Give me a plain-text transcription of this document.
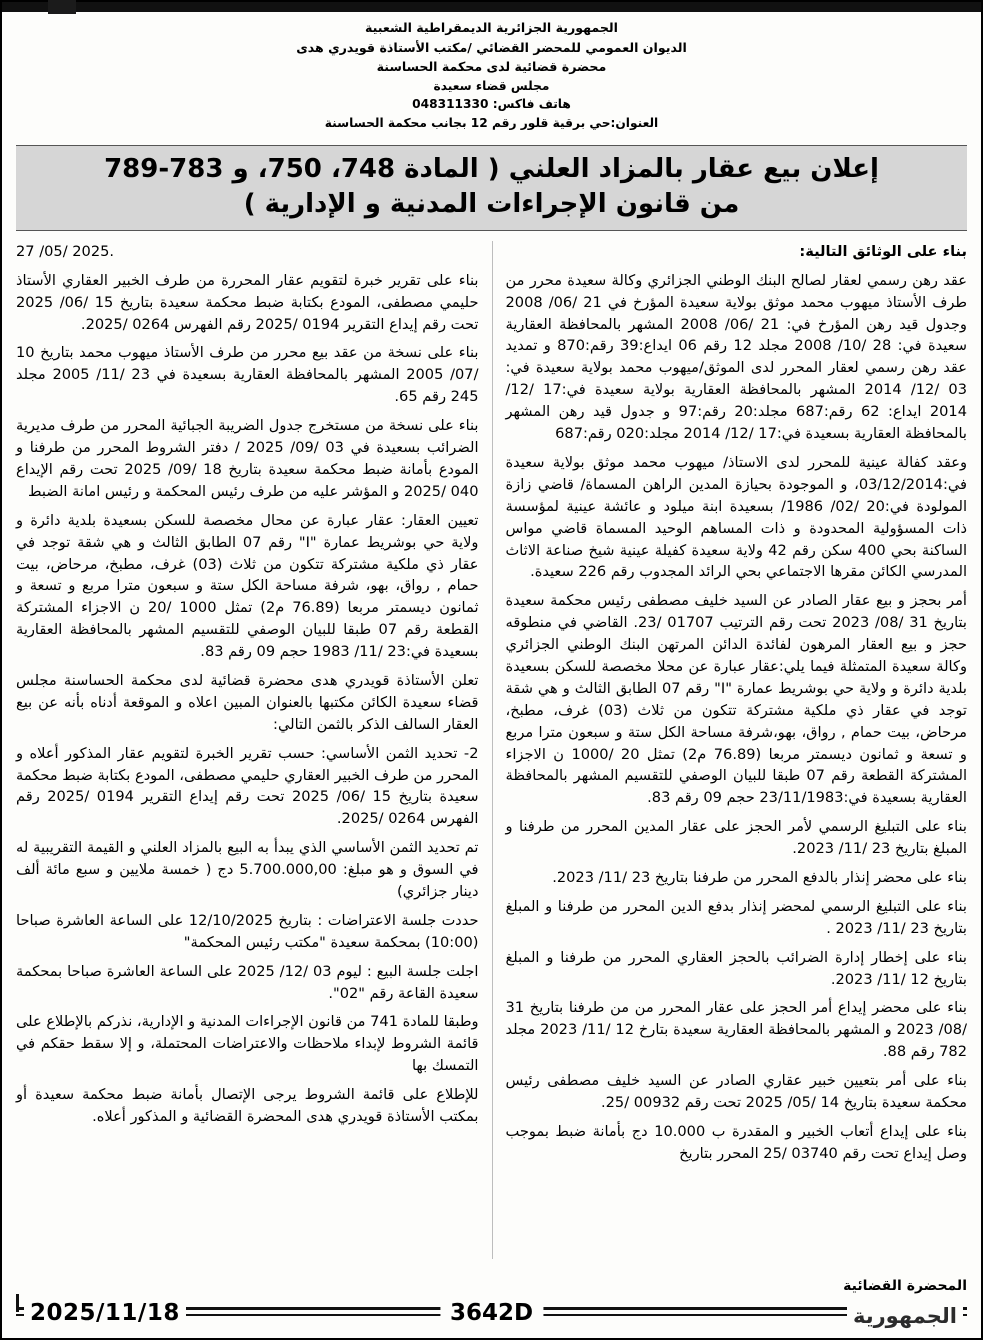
الجمهورية الجزائرية الديمقراطية الشعبية
الديوان العمومي للمحضر القضائي /مكتب الأستاذة قويدري هدى
محضرة قضائية لدى محكمة الحساسنة
مجلس قضاء سعيدة
هاتف فاكس: 048311330
العنوان:حي برقية قلور رقم 12 بجانب محكمة الحساسنة
إعلان بيع عقار بالمزاد العلني ( المادة 748، 750، و 783-789
من قانون الإجراءات المدنية و الإدارية )

بناء على الوثائق التالية:

عقد رهن رسمي لعقار لصالح البنك الوطني الجزائري وكالة سعيدة محرر من طرف الأستاذ ميهوب محمد موثق بولاية سعيدة المؤرخ في 21 /06/ 2008 وجدول قيد رهن المؤرخ في: 21 /06/ 2008 المشهر بالمحافظة العقارية سعيدة في: 28 /10/ 2008 مجلد 12 رقم 06 ايداع:39 رقم:870 و تمديد عقد رهن رسمي لعقار المحرر لدى الموثق/ميهوب محمد بولاية سعيدة في: 03 /12/ 2014 المشهر بالمحافظة العقارية بولاية سعيدة في:17 /12/ 2014 ايداع: 62 رقم:687 مجلد:20 رقم:97 و جدول قيد رهن المشهر بالمحافظة العقارية بسعيدة في:17 /12/ 2014 مجلد:020 رقم:687

وعقد كفالة عينية للمحرر لدى الاستاذ/ ميهوب محمد موثق بولاية سعيدة في:03/12/2014، و الموجودة بحيازة المدين الراهن المسماة/ قاضي زازة المولودة في:20 /02/ 1986/ بسعيدة ابنة ميلود و عائشة عينية لمؤسسة ذات المسؤولية المحدودة و ذات المساهم الوحيد المسماة قاضي مواس الساكنة بحي 400 سكن رقم 42 ولاية سعيدة كفيلة عينية شيخ صناعة الاثاث المدرسي الكائن مقرها الاجتماعي بحي الرائد المجدوب رقم 226 سعيدة.

أمر بحجز و بيع عقار الصادر عن السيد خليف مصطفى رئيس محكمة سعيدة بتاريخ 31 /08/ 2023 تحت رقم الترتيب 01707 /23. القاضي في منطوقه حجز و بيع العقار المرهون لفائدة الدائن المرتهن البنك الوطني الجزائري وكالة سعيدة المتمثلة فيما يلي:عقار عبارة عن محلا مخصصة للسكن بسعيدة بلدية دائرة و ولاية حي بوشريط عمارة "I" رقم 07 الطابق الثالث و هي شقة توجد في عقار ذي ملكية مشتركة تتكون من ثلاث (03) غرف، مطبخ، مرحاض، بيت حمام , رواق، بهو،شرفة مساحة الكل ستة و سبعون مترا مربع و تسعة و ثمانون ديسمتر مربعا (76.89 م2) تمثل 20 /1000 ن الاجزاء المشتركة القطعة رقم 07 طبقا للبيان الوصفي للتقسيم المشهر بالمحافظة العقارية بسعيدة في:23/11/1983 حجم 09 رقم 83.

بناء على التبليغ الرسمي لأمر الحجز على عقار المدين المحرر من طرفنا و المبلغ بتاريخ 23 /11/ 2023.

بناء على محضر إنذار بالدفع المحرر من طرفنا بتاريخ 23 /11/ 2023.

بناء على التبليغ الرسمي لمحضر إنذار بدفع الدين المحرر من طرفنا و المبلغ بتاريخ 23 /11/ 2023 .

بناء على إخطار إدارة الضرائب بالحجز العقاري المحرر من طرفنا و المبلغ بتاريخ 12 /11/ 2023.

بناء على محضر إيداع أمر الحجز على عقار المحرر من من طرفنا بتاريخ 31 /08/ 2023 و المشهر بالمحافظة العقارية سعيدة بتارخ 12 /11/ 2023 مجلد 782 رقم 88.

بناء على أمر بتعيين خبير عقاري الصادر عن السيد خليف مصطفى رئيس محكمة سعيدة بتاريخ 14 /05/ 2025 تحت رقم 00932 /25.

بناء على إيداع أتعاب الخبير و المقدرة ب 10.000 دج بأمانة ضبط بموجب وصل إيداع تحت رقم 03740 /25 المحرر بتاريخ

27 /05/ 2025.

بناء على تقرير خبرة لتقويم عقار المحررة من طرف الخبير العقاري الأستاذ حليمي مصطفى، المودع بكتابة ضبط محكمة سعيدة بتاريخ 15 /06/ 2025 تحت رقم إيداع التقرير 0194 /2025 رقم الفهرس 0264 /2025.

بناء على نسخة من عقد بيع محرر من طرف الأستاذ ميهوب محمد بتاريخ 10 /07/ 2005 المشهر بالمحافظة العقارية بسعيدة في 23 /11/ 2005 مجلد 245 رقم 65.

بناء على نسخة من مستخرج جدول الضريبة الجبائية المحرر من طرف مديرية الضرائب بسعيدة في 03 /09/ 2025 / دفتر الشروط المحرر من طرفنا و المودع بأمانة ضبط محكمة سعيدة بتاريخ 18 /09/ 2025 تحت رقم الإيداع 040 /2025 و المؤشر عليه من طرف رئيس المحكمة و رئيس امانة الضبط

تعيين العقار: عقار عبارة عن محال مخصصة للسكن بسعيدة بلدية دائرة و ولاية حي بوشريط عمارة "I" رقم 07 الطابق الثالث و هي شقة توجد في عقار ذي ملكية مشتركة تتكون من ثلاث (03) غرف، مطبخ، مرحاض، بيت حمام , رواق، بهو، شرفة مساحة الكل ستة و سبعون مترا مربع و تسعة و ثمانون ديسمتر مربعا (76.89 م2) تمثل 1000 /20 ن الاجزاء المشتركة القطعة رقم 07 طبقا للبيان الوصفي للتقسيم المشهر بالمحافظة العقارية بسعيدة في:23 /11/ 1983 حجم 09 رقم 83.

تعلن الأستاذة قويدري هدى محضرة قضائية لدى محكمة الحساسنة مجلس قضاء سعيدة الكائن مكتبها بالعنوان المبين اعلاه و الموقعة أدناه بأنه عن بيع العقار السالف الذكر بالثمن التالي:

2- تحديد الثمن الأساسي: حسب تقرير الخبرة لتقويم عقار المذكور أعلاه و المحرر من طرف الخبير العقاري حليمي مصطفى، المودع بكتابة ضبط محكمة سعيدة بتاريخ 15 /06/ 2025 تحت رقم إيداع التقرير 0194 /2025 رقم الفهرس 0264 /2025.

تم تحديد الثمن الأساسي الذي يبدأ به البيع بالمزاد العلني و القيمة التقريبية له في السوق و هو مبلغ: 5.700.000,00 دج ( خمسة ملايين و سبع مائة ألف دينار جزائري)

حددت جلسة الاعتراضات : بتاريخ 12/10/2025 على الساعة العاشرة صباحا (10:00) بمحكمة سعيدة "مكتب رئيس المحكمة"

اجلت جلسة البيع : ليوم 03 /12/ 2025 على الساعة العاشرة صباحا بمحكمة سعيدة القاعة رقم "02".

وطبقا للمادة 741 من قانون الإجراءات المدنية و الإدارية، نذركم بالإطلاع على قائمة الشروط لإبداء ملاحظات والاعتراضات المحتملة، و إلا سقط حقكم في التمسك بها

للإطلاع على قائمة الشروط يرجى الإتصال بأمانة ضبط محكمة سعيدة أو بمكتب الأستاذة قويدري هدى المحضرة القضائية و المذكور أعلاه.

المحضرة القضائية
2025/11/18	3642D	الجمهورية
